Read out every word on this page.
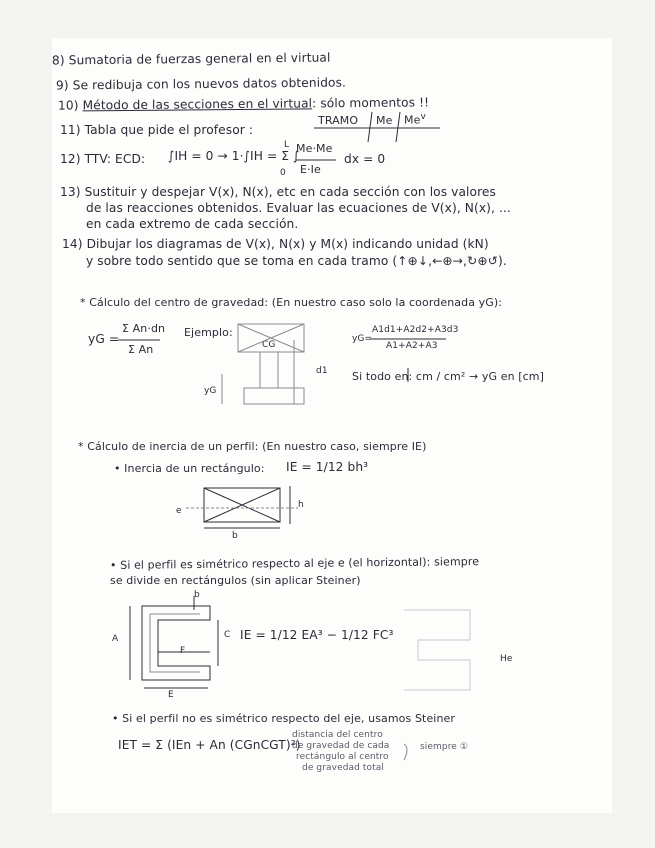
8) Sumatoria de fuerzas general en el virtual
9) Se redibuja con los nuevos datos obtenidos.
10) Método de las secciones en el virtual: sólo momentos !!
11) Tabla que pide el profesor :
TRAMO Me Me$^v$
12) TTV: ECD: ∫IH = 0 → 1·∫IH = Σ ∫
L
0
Me·Me
E·Ie
dx = 0
13) Sustituir y despejar V(x), N(x), etc en cada sección con los valores
de las reacciones obtenidos. Evaluar las ecuaciones de V(x), N(x), ...
en cada extremo de cada sección.
14) Dibujar los diagramas de V(x), N(x) y M(x) indicando unidad (kN)
y sobre todo sentido que se toma en cada tramo (↑⊕↓,←⊕→,↻⊕↺).
* Cálculo del centro de gravedad: (En nuestro caso solo la coordenada yG):
yG =
Σ An·dn
Σ An
Ejemplo:	A1d1+A2d2+A3d3
A1+A2+A3
yG=
Si todo en: cm / cm² → yG en [cm]
yG
d1
CG
* Cálculo de inercia de un perfil: (En nuestro caso, siempre IE)
• Inercia de un rectángulo: IE = 1/12 bh³
e
b
h
• Si el perfil es simétrico respecto al eje e (el horizontal): siempre
se divide en rectángulos (sin aplicar Steiner)
IE = 1/12 EA³ − 1/12 FC³
A
b
C
E
F
He
• Si el perfil no es simétrico respecto del eje, usamos Steiner
IET = Σ (IEn + An (CGnCGT)²)
distancia del centro
de gravedad de cada
rectángulo al centro
de gravedad total
siempre ①
